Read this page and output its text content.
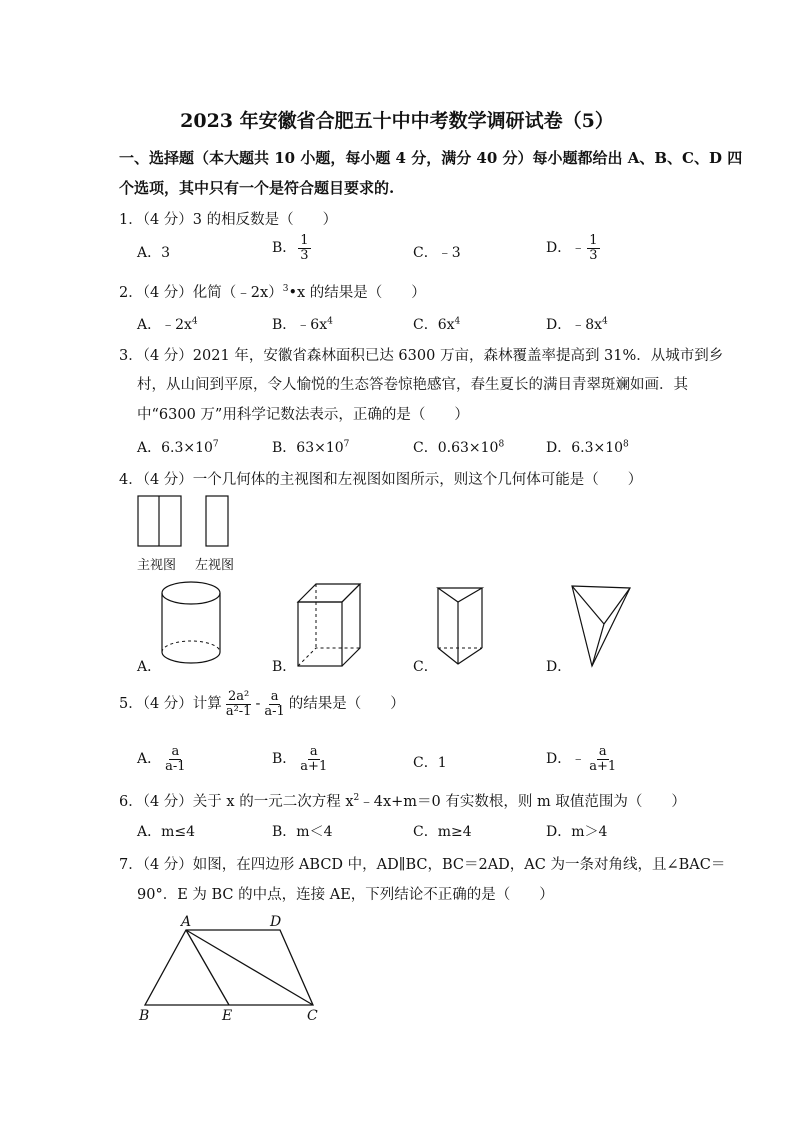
2023 年安徽省合肥五十中中考数学调研试卷（5）
一、选择题（本大题共 10 小题，每小题 4 分，满分 40 分）每小题都给出 A、B、C、D 四
个选项，其中只有一个是符合题目要求的.
1．（4 分）3 的相反数是（　　）
A．3	B． $\frac{1}{3}$	C．﹣3	D．﹣ $\frac{1}{3}$
2．（4 分）化简（﹣2x）$^3$•x 的结果是（　　）
A．$﹣2x^4$	B．$﹣6x^4$	C．$6x^4$	D．$﹣8x^4$
3．（4 分）2021 年，安徽省森林面积已达 6300 万亩，森林覆盖率提高到 31%．从城市到乡
村，从山间到平原，令人愉悦的生态答卷惊艳感官，春生夏长的满目青翠斑斓如画．其
中“6300 万”用科学记数法表示，正确的是（　　）
A．$6.3\times 10^7$	B．$63\times 10^7$	C．$0.63\times 10^8$	D．$6.3\times 10^8$
4．（4 分）一个几何体的主视图和左视图如图所示，则这个几何体可能是（　　）
主视图 左视图
A．	B．	C．	D．
5．（4 分）计算 $\frac{\text{2a²}}{\text{a²-1}} - \frac{a}{a-1}$ 的结果是（　　）
A． $\frac{a}{a-1}$	B． $\frac{a}{a+1}$	C．1	D．﹣ $\frac{a}{a+1}$
6．（4 分）关于 x 的一元二次方程 $x^2﹣4x+m=0$ 有实数根，则 m 取值范围为（　　）
A．m≤4	B．m＜4	C．m≥4	D．m＞4
7．（4 分）如图，在四边形 ABCD 中，AD∥BC，BC＝2AD，AC 为一条对角线，且∠BAC＝
90°．E 为 BC 的中点，连接 AE，下列结论不正确的是（　　）
A	D
B	E	C
